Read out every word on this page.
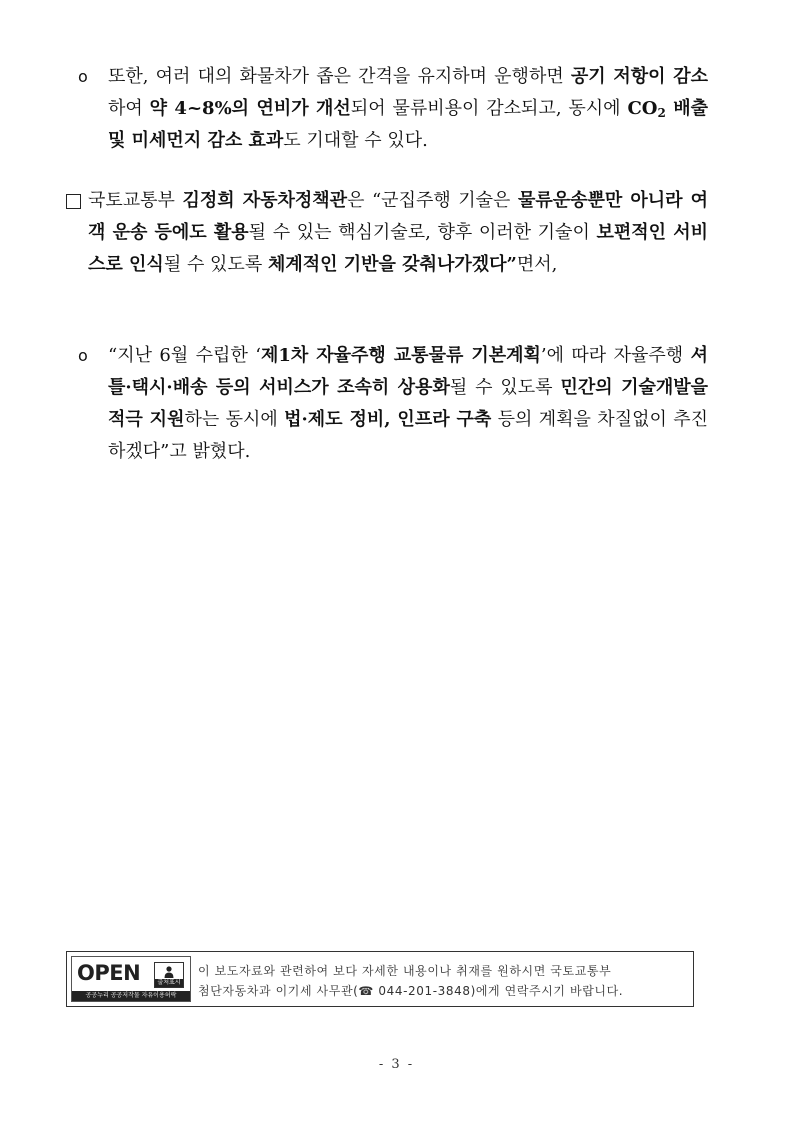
o 또한, 여러 대의 화물차가 좁은 간격을 유지하며 운행하면 공기 저항이 감소하여 약 4~8%의 연비가 개선되어 물류비용이 감소되고, 동시에 $CO_2$ 배출 및 미세먼지 감소 효과도 기대할 수 있다.
국토교통부 김정희 자동차정책관은 “군집주행 기술은 물류운송뿐만 아니라 여객 운송 등에도 활용될 수 있는 핵심기술로, 향후 이러한 기술이 보편적인 서비스로 인식될 수 있도록 체계적인 기반을 갖춰나가겠다”면서,
o “지난 6월 수립한 ‘제1차 자율주행 교통물류 기본계획’에 따라 자율주행 셔틀·택시·배송 등의 서비스가 조속히 상용화될 수 있도록 민간의 기술개발을 적극 지원하는 동시에 법·제도 정비, 인프라 구축 등의 계획을 차질없이 추진하겠다”고 밝혔다.
OPEN	출처표시
공공누리 공공저작물 자유이용허락
이 보도자료와 관련하여 보다 자세한 내용이나 취재를 원하시면 국토교통부
첨단자동차과 이기세 사무관(☎ 044-201-3848)에게 연락주시기 바랍니다.
- 3 -
